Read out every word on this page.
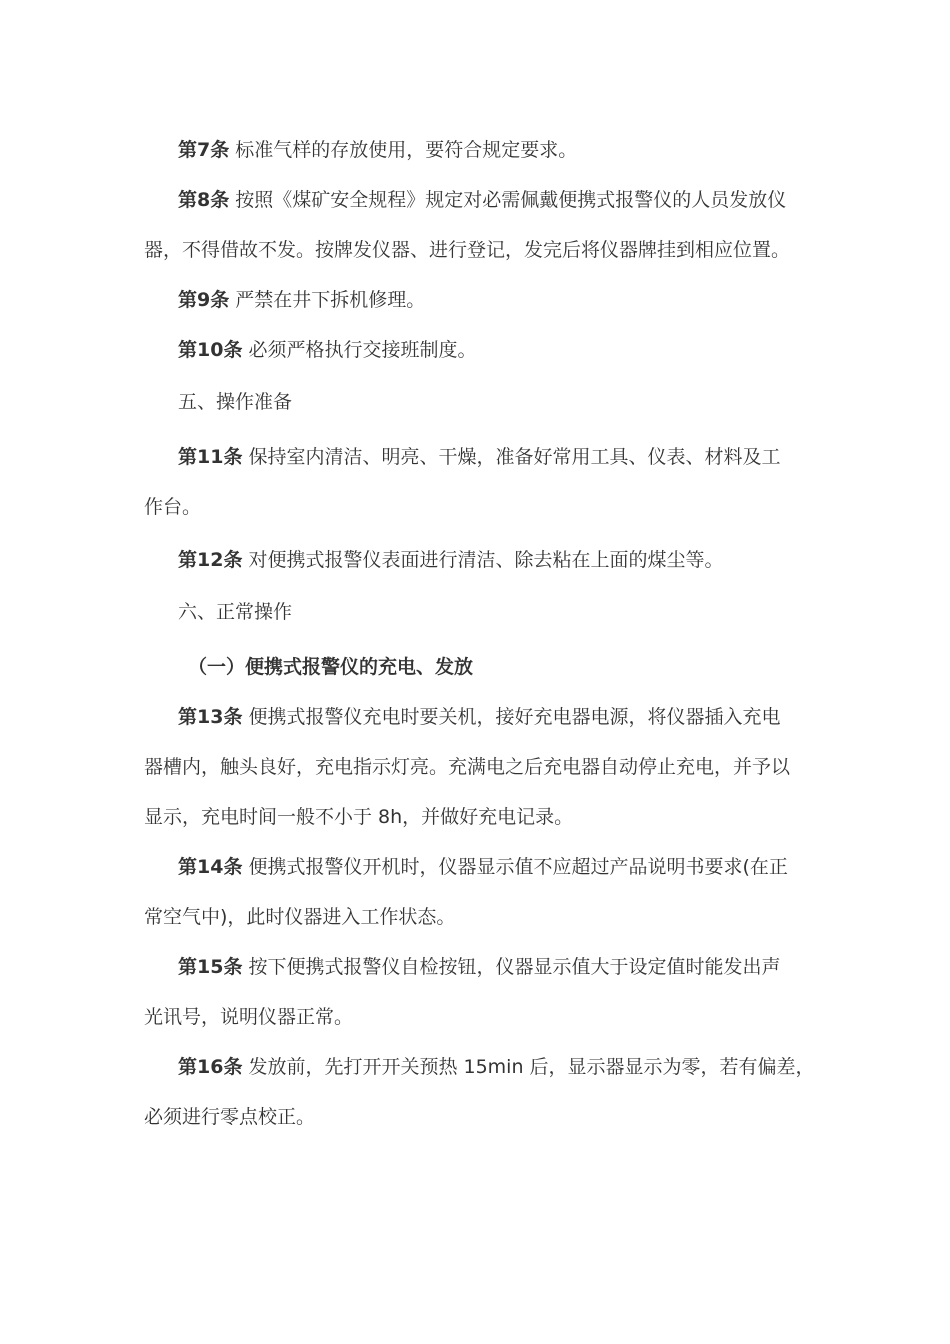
第7条 标准气样的存放使用，要符合规定要求。
第8条 按照《煤矿安全规程》规定对必需佩戴便携式报警仪的人员发放仪
器，不得借故不发。按牌发仪器、进行登记，发完后将仪器牌挂到相应位置。
第9条 严禁在井下拆机修理。
第10条 必须严格执行交接班制度。
五、操作准备
第11条 保持室内清洁、明亮、干燥，准备好常用工具、仪表、材料及工
作台。
第12条 对便携式报警仪表面进行清洁、除去粘在上面的煤尘等。
六、正常操作
（一）便携式报警仪的充电、发放
第13条 便携式报警仪充电时要关机，接好充电器电源，将仪器插入充电
器槽内，触头良好，充电指示灯亮。充满电之后充电器自动停止充电，并予以
显示，充电时间一般不小于 8h，并做好充电记录。
第14条 便携式报警仪开机时，仪器显示值不应超过产品说明书要求(在正
常空气中)，此时仪器进入工作状态。
第15条 按下便携式报警仪自检按钮，仪器显示值大于设定值时能发出声
光讯号，说明仪器正常。
第16条 发放前，先打开开关预热 15min 后，显示器显示为零，若有偏差，
必须进行零点校正。
